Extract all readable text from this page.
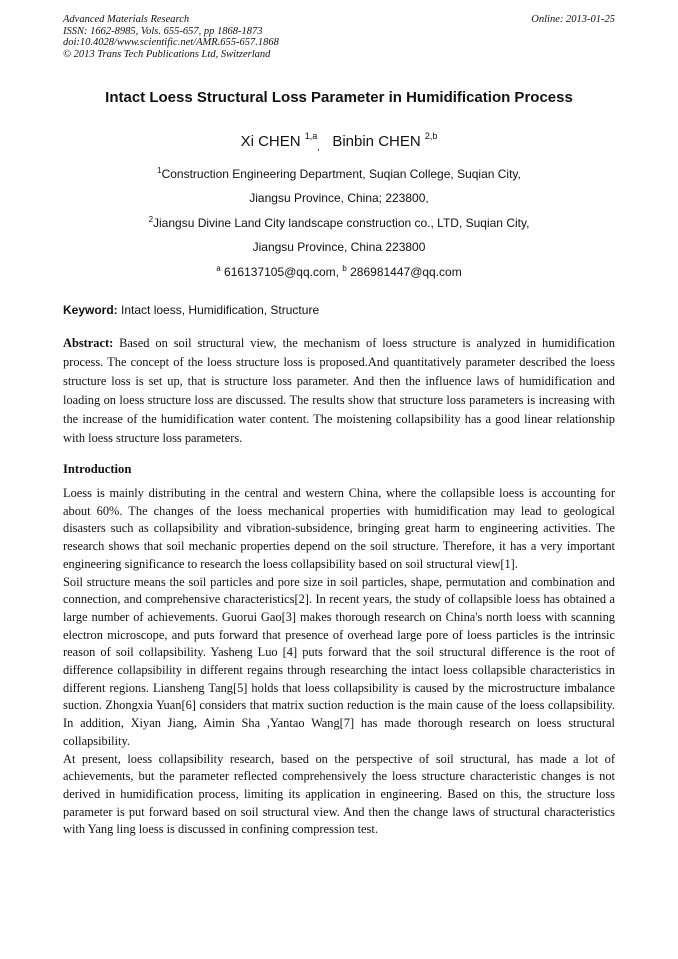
Advanced Materials Research
ISSN: 1662-8985, Vols. 655-657, pp 1868-1873
doi:10.4028/www.scientific.net/AMR.655-657.1868
© 2013 Trans Tech Publications Ltd, Switzerland
Online: 2013-01-25
Intact Loess Structural Loss Parameter in Humidification Process
Xi CHEN $^{1,a}_,$ Binbin CHEN $^{2,b}$
$^1$Construction Engineering Department, Suqian College, Suqian City,
Jiangsu Province, China; 223800,
$^2$Jiangsu Divine Land City landscape construction co., LTD, Suqian City,
Jiangsu Province, China 223800
$^a$ 616137105@qq.com, $^b$ 286981447@qq.com
Keyword: Intact loess, Humidification, Structure
Abstract: Based on soil structural view, the mechanism of loess structure is analyzed in humidification process. The concept of the loess structure loss is proposed.And quantitatively parameter described the loess structure loss is set up, that is structure loss parameter. And then the influence laws of humidification and loading on loess structure loss are discussed. The results show that structure loss parameters is increasing with the increase of the humidification water content. The moistening collapsibility has a good linear relationship with loess structure loss parameters.
Introduction

Loess is mainly distributing in the central and western China, where the collapsible loess is accounting for about 60%. The changes of the loess mechanical properties with humidification may lead to geological disasters such as collapsibility and vibration-subsidence, bringing great harm to engineering activities. The research shows that soil mechanic properties depend on the soil structure. Therefore, it has a very important engineering significance to research the loess collapsibility based on soil structural view[1].

Soil structure means the soil particles and pore size in soil particles, shape, permutation and combination and connection, and comprehensive characteristics[2]. In recent years, the study of collapsible loess has obtained a large number of achievements. Guorui Gao[3] makes thorough research on China's north loess with scanning electron microscope, and puts forward that presence of overhead large pore of loess particles is the intrinsic reason of soil collapsibility. Yasheng Luo [4] puts forward that the soil structural difference is the root of difference collapsibility in different regains through researching the intact loess collapsible characteristics in different regions. Liansheng Tang[5] holds that loess collapsibility is caused by the microstructure imbalance suction. Zhongxia Yuan[6] considers that matrix suction reduction is the main cause of the loess collapsibility. In addition, Xiyan Jiang, Aimin Sha ,Yantao Wang[7] has made thorough research on loess structural collapsibility.

At present, loess collapsibility research, based on the perspective of soil structural, has made a lot of achievements, but the parameter reflected comprehensively the loess structure characteristic changes is not derived in humidification process, limiting its application in engineering. Based on this, the structure loss parameter is put forward based on soil structural view. And then the change laws of structural characteristics with Yang ling loess is discussed in confining compression test.
